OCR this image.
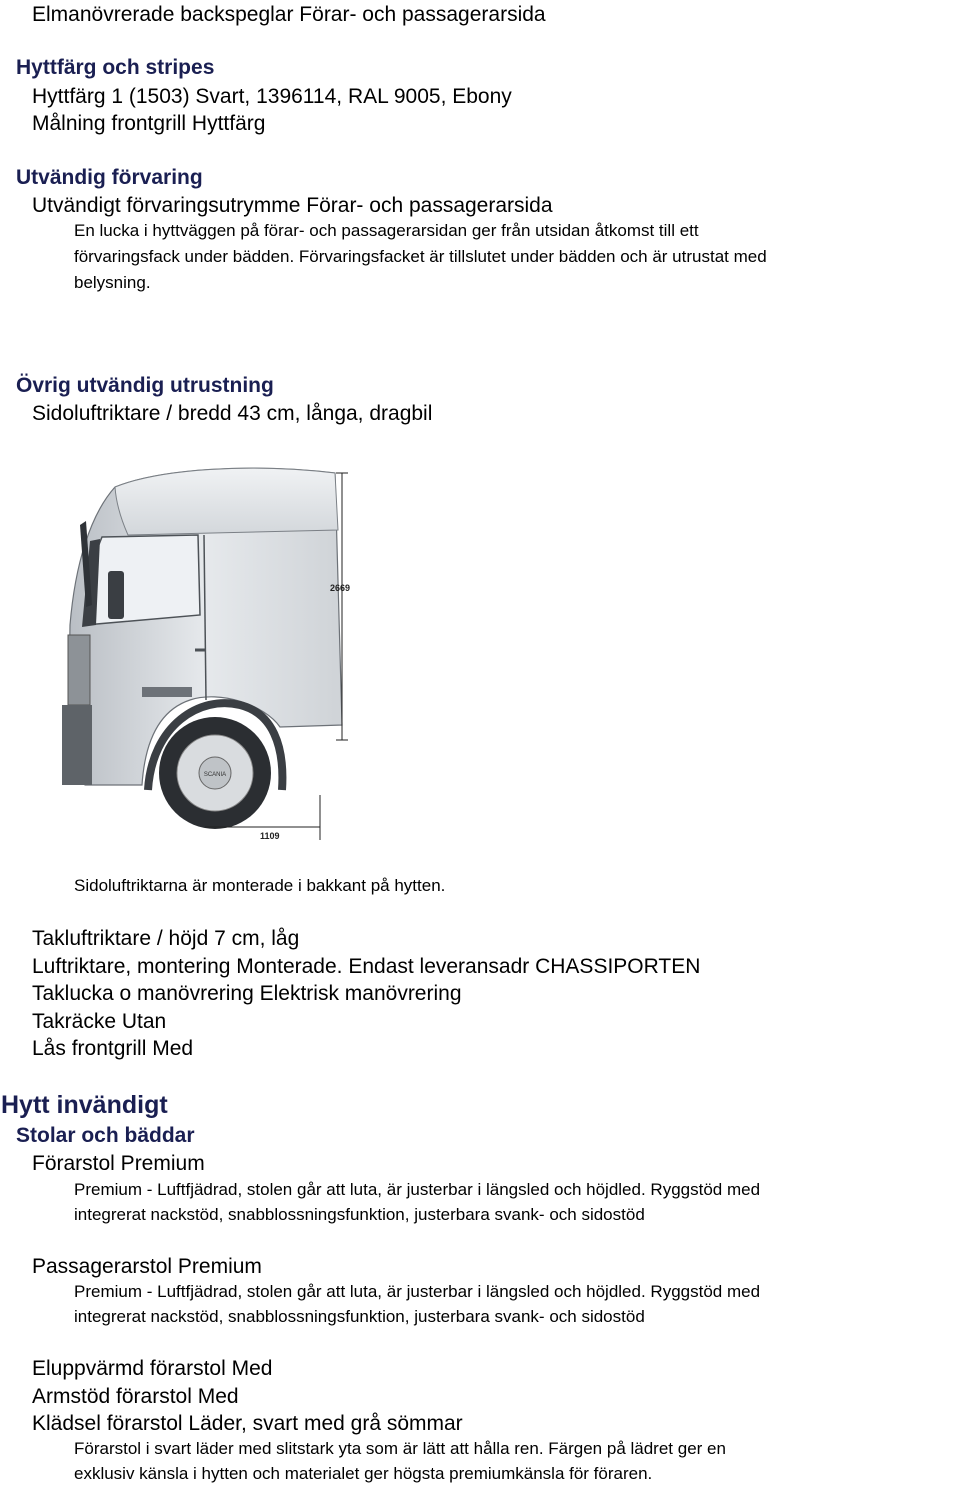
Elmanövrerade backspeglar Förar- och passagerarsida
Hyttfärg och stripes
Hyttfärg 1 (1503) Svart, 1396114, RAL 9005, Ebony
Målning frontgrill Hyttfärg
Utvändig förvaring
Utvändigt förvaringsutrymme Förar- och passagerarsida
En lucka i hyttväggen på förar- och passagerarsidan ger från utsidan åtkomst till ett
förvaringsfack under bädden. Förvaringsfacket är tillslutet under bädden och är utrustat med
belysning.
Övrig utvändig utrustning
Sidoluftriktare / bredd 43 cm, långa, dragbil
SCANIA
2669
1109
Sidoluftriktarna är monterade i bakkant på hytten.
Takluftriktare / höjd 7 cm, låg
Luftriktare, montering Monterade. Endast leveransadr CHASSIPORTEN
Taklucka o manövrering Elektrisk manövrering
Takräcke Utan
Lås frontgrill Med
Hytt invändigt
Stolar och bäddar
Förarstol Premium
Premium - Luftfjädrad, stolen går att luta, är justerbar i längsled och höjdled. Ryggstöd med
integrerat nackstöd, snabblossningsfunktion, justerbara svank- och sidostöd
Passagerarstol Premium
Premium - Luftfjädrad, stolen går att luta, är justerbar i längsled och höjdled. Ryggstöd med
integrerat nackstöd, snabblossningsfunktion, justerbara svank- och sidostöd
Eluppvärmd förarstol Med
Armstöd förarstol Med
Klädsel förarstol Läder, svart med grå sömmar
Förarstol i svart läder med slitstark yta som är lätt att hålla ren. Färgen på lädret ger en
exklusiv känsla i hytten och materialet ger högsta premiumkänsla för föraren.
